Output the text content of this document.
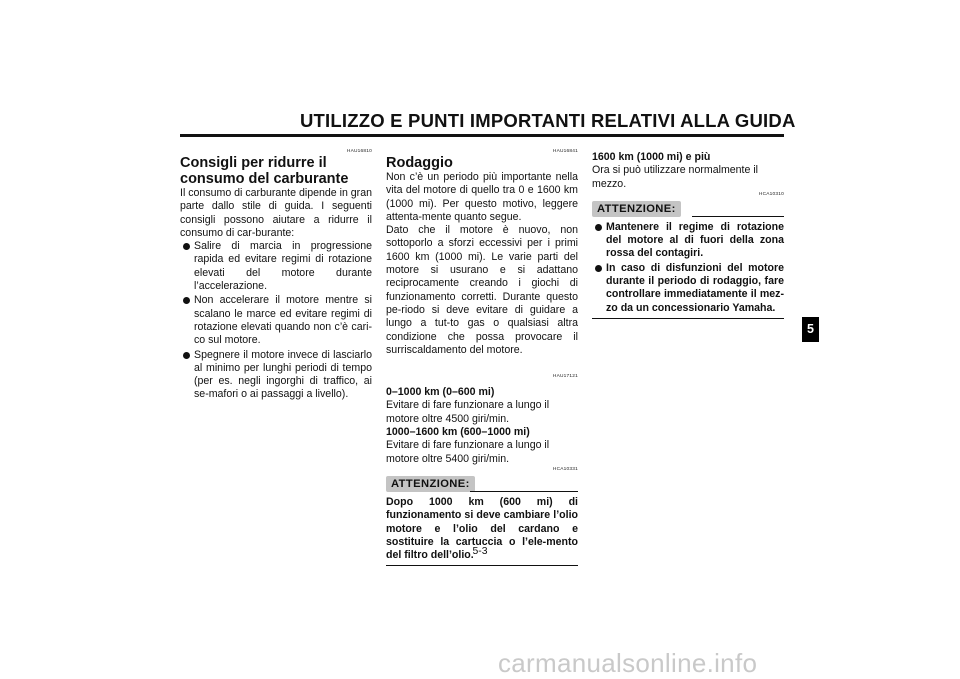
UTILIZZO E PUNTI IMPORTANTI RELATIVI ALLA GUIDA
HAU16810
Consigli per ridurre il consumo del carburante

Il consumo di carburante dipende in gran parte dallo stile di guida. I seguenti consigli possono aiutare a ridurre il consumo di car-burante:

Salire di marcia in progressione rapida ed evitare regimi di rotazione elevati del motore durante l’accelerazione.
Non accelerare il motore mentre si scalano le marce ed evitare regimi di rotazione elevati quando non c’è cari-co sul motore.
Spegnere il motore invece di lasciarlo al minimo per lunghi periodi di tempo (per es. negli ingorghi di traffico, ai se-mafori o ai passaggi a livello).
HAU16841
Rodaggio

Non c’è un periodo più importante nella vita del motore di quello tra 0 e 1600 km (1000 mi). Per questo motivo, leggere attenta-mente quanto segue.
Dato che il motore è nuovo, non sottoporlo a sforzi eccessivi per i primi 1600 km (1000 mi). Le varie parti del motore si usurano e si adattano reciprocamente creando i giochi di funzionamento corretti. Durante questo pe-riodo si deve evitare di guidare a lungo a tut-to gas o qualsiasi altra condizione che possa provocare il surriscaldamento del motore.

HAU17121
0–1000 km (0–600 mi)

Evitare di fare funzionare a lungo il motore oltre 4500 giri/min.

1000–1600 km (600–1000 mi)

Evitare di fare funzionare a lungo il motore oltre 5400 giri/min.

HCA10331
ATTENZIONE:

Dopo 1000 km (600 mi) di funzionamento si deve cambiare l’olio motore e l’olio del cardano e sostituire la cartuccia o l’ele-mento del filtro dell’olio.

1600 km (1000 mi) e più

Ora si può utilizzare normalmente il mezzo.

HCA10310
ATTENZIONE:
Mantenere il regime di rotazione del motore al di fuori della zona rossa del contagiri.
In caso di disfunzioni del motore durante il periodo di rodaggio, fare controllare immediatamente il mez-zo da un concessionario Yamaha.
5
5-3
carmanualsonline.info
